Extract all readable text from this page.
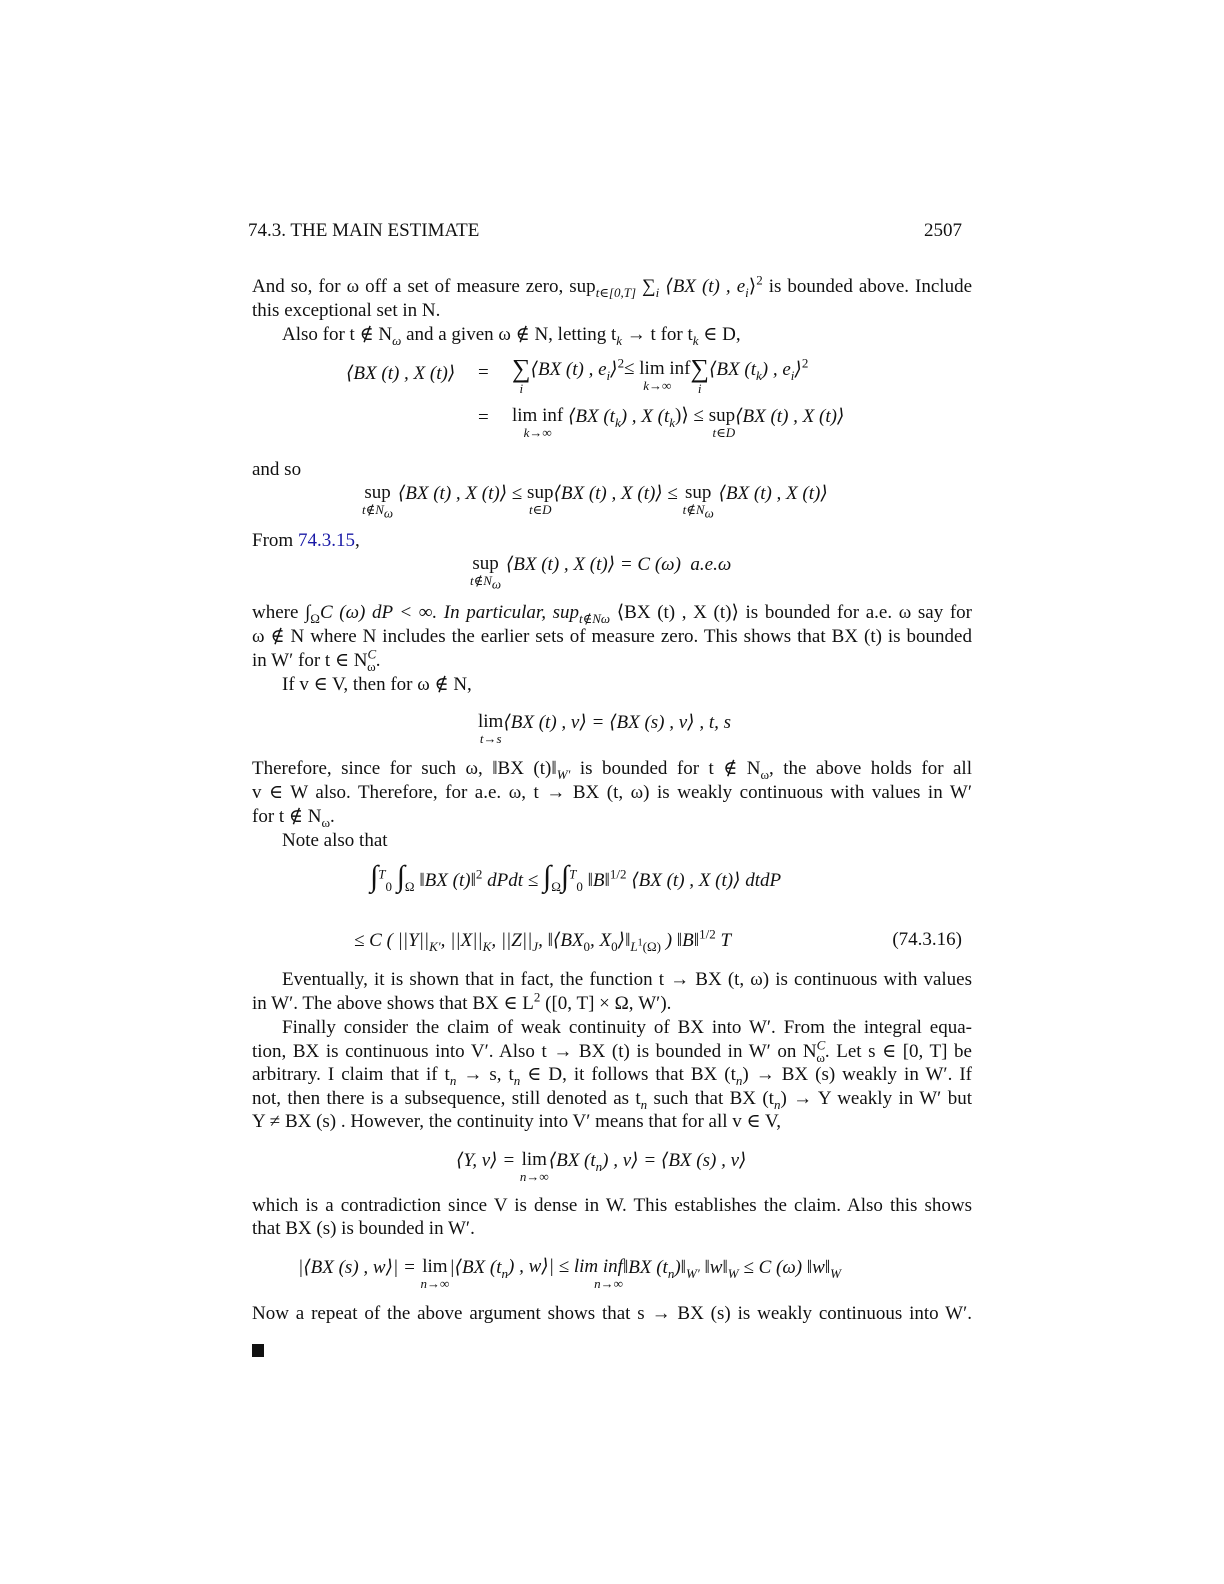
74.3. THE MAIN ESTIMATE	2507
And so, for ω off a set of measure zero, sup$_{t\in[0,T]}$ $\sum_i$ ⟨BX (t) , $e_i⟩^2$ is bounded above. Include
this exceptional set in N.
Also for t ∉ $N_\omega$ and a given ω ∉ N, letting $t_k \to t$ for $t_k$ ∈ D,
⟨BX (t) , X (t)⟩ = ∑
i
⟨BX (t) , $e_i⟩^2\le \lim$ inf
k→∞
∑
i
⟨BX $(t_k)$ , $e_i⟩^2$
= lim inf
k→∞
⟨BX $(t_k)$ , X $(t_k)⟩$ ≤ sup
t∈D
⟨BX (t) , X (t)⟩
and so
sup
$t\notin N_\omega$
⟨BX (t) , X (t)⟩ ≤ sup
t∈D
⟨BX (t) , X (t)⟩ ≤ sup
$t\notin N_\omega$
⟨BX (t) , X (t)⟩
From 74.3.15,
sup
$t\notin N_\omega$
⟨BX (t) , X (t)⟩ = C (ω) a.e.ω
where $\int_\Omega C$ (ω) dP < ∞. In particular, sup$_{t\notin N\omega}$ ⟨BX (t) , X (t)⟩ is bounded for a.e. ω say for
ω ∉ N where N includes the earlier sets of measure zero. This shows that BX (t) is bounded
in W′ for t ∈ $N^C_\omega$.
If v ∈ V, then for ω ∉ N,
lim
t→s
⟨BX (t) , v⟩ = ⟨BX (s) , v⟩ , t, s
Therefore, since for such ω, ‖BX $(t)‖_{W'}$ is bounded for t ∉ $N_\omega$, the above holds for all
v ∈ W also. Therefore, for a.e. ω, t → BX (t, ω) is weakly continuous with values in W′
for t ∉ $N_\omega$.
Note also that
∫$^T_0$ $\int_\Omega$ ‖BX (t)‖$^2$ dPdt ≤ $\int_\Omega\int^T_0$ ‖B‖$^{1/2}$ ⟨BX (t) , X (t)⟩ dtdP
≤ C ( $||Y||_{K'}$, $||X||_K$, $||Z||_J$, $‖⟨BX_0$, $X_0⟩‖_{L^1(\Omega)}$ ) ‖B‖$^{1/2}$ T	(74.3.16)
Eventually, it is shown that in fact, the function t → BX (t, ω) is continuous with values
in W′. The above shows that BX ∈ $L^2$ ([0, T] × Ω, W′).
Finally consider the claim of weak continuity of BX into W′. From the integral equa-
tion, BX is continuous into V′. Also t → BX (t) is bounded in W′ on $N^C_\omega$. Let s ∈ [0, T] be
arbitrary. I claim that if $t_n \to s$, $t_n$ ∈ D, it follows that BX $(t_n)$ → BX (s) weakly in W′. If
not, then there is a subsequence, still denoted as $t_n$ such that BX $(t_n) \to Y$ weakly in W′ but
Y ≠ BX (s) . However, the continuity into V′ means that for all v ∈ V,
⟨Y, v⟩ = lim
n→∞
⟨BX $(t_n)$ , v⟩ = ⟨BX (s) , v⟩
which is a contradiction since V is dense in W. This establishes the claim. Also this shows
that BX (s) is bounded in W′.
|⟨BX (s) , w⟩| = lim
n→∞
|⟨BX $(t_n)$ , w⟩| ≤ lim inf
n→∞
‖BX $(t_n)‖_{W'}$ $‖w‖_W \le C$ (ω) $‖w‖_W$
Now a repeat of the above argument shows that s → BX (s) is weakly continuous into W′.
